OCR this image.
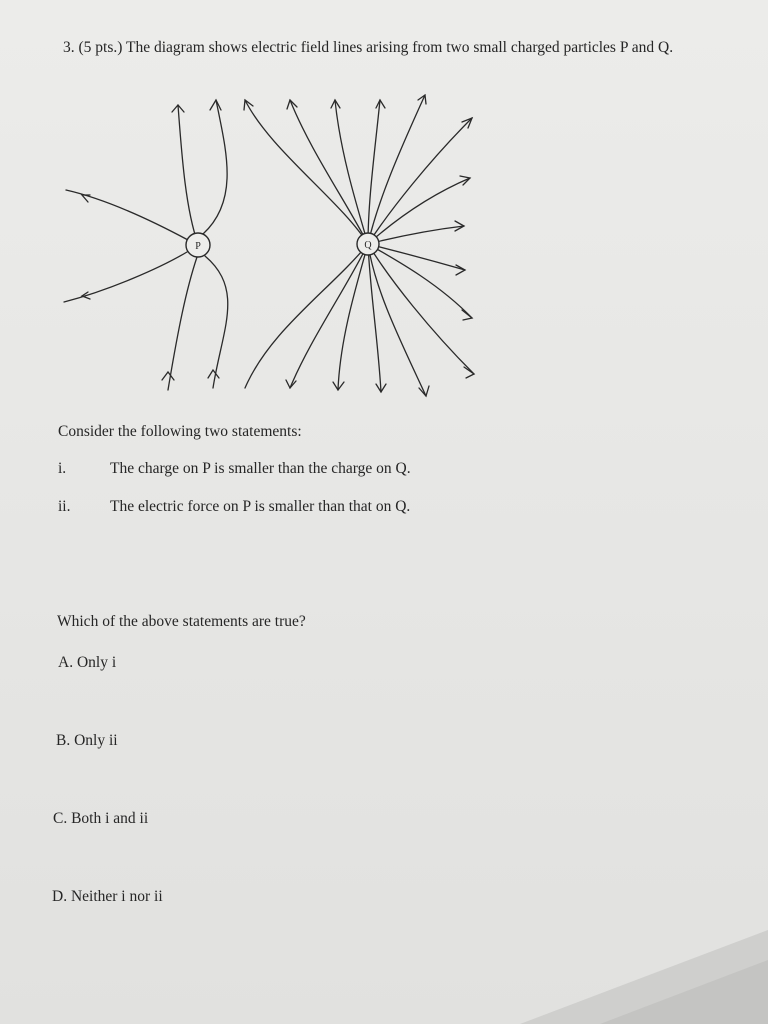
3. (5 pts.) The diagram shows electric field lines arising from two small charged particles P and Q.
P	Q
Consider the following two statements:
i.	The charge on P is smaller than the charge on Q.
ii.	The electric force on P is smaller than that on Q.
Which of the above statements are true?
A. Only i
B. Only ii
C. Both i and ii
D. Neither i nor ii
